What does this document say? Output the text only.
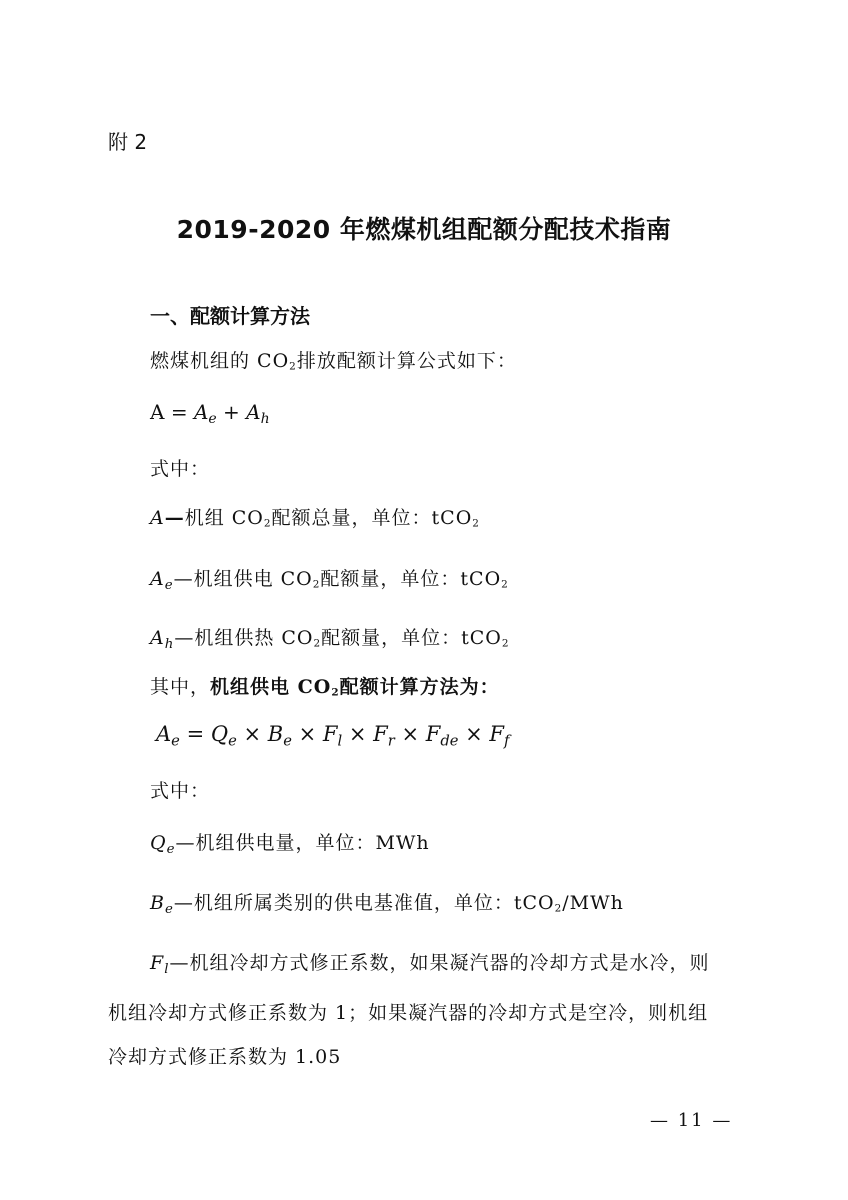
附 2
2019-2020 年燃煤机组配额分配技术指南
一、配额计算方法
燃煤机组的 $CO_2$排放配额计算公式如下：
$A = A_e + A_h$
式中：
A—机组 $CO_2$配额总量，单位：tCO$_2$
$A_e—$机组供电 $CO_2$配额量，单位：tCO$_2$
$A_h—$机组供热 $CO_2$配额量，单位：tCO$_2$
其中，机组供电 $CO_2$配额计算方法为：
$A_e = Q_e \times B_e \times F_l \times F_r \times F_{de} \times F_f$
式中：
$Q_e—$机组供电量，单位：MWh
$B_e—$机组所属类别的供电基准值，单位：tCO$_2$/MWh
$F_l—$机组冷却方式修正系数，如果凝汽器的冷却方式是水冷，则
机组冷却方式修正系数为 1；如果凝汽器的冷却方式是空冷，则机组
冷却方式修正系数为 1.05
— 11 —
